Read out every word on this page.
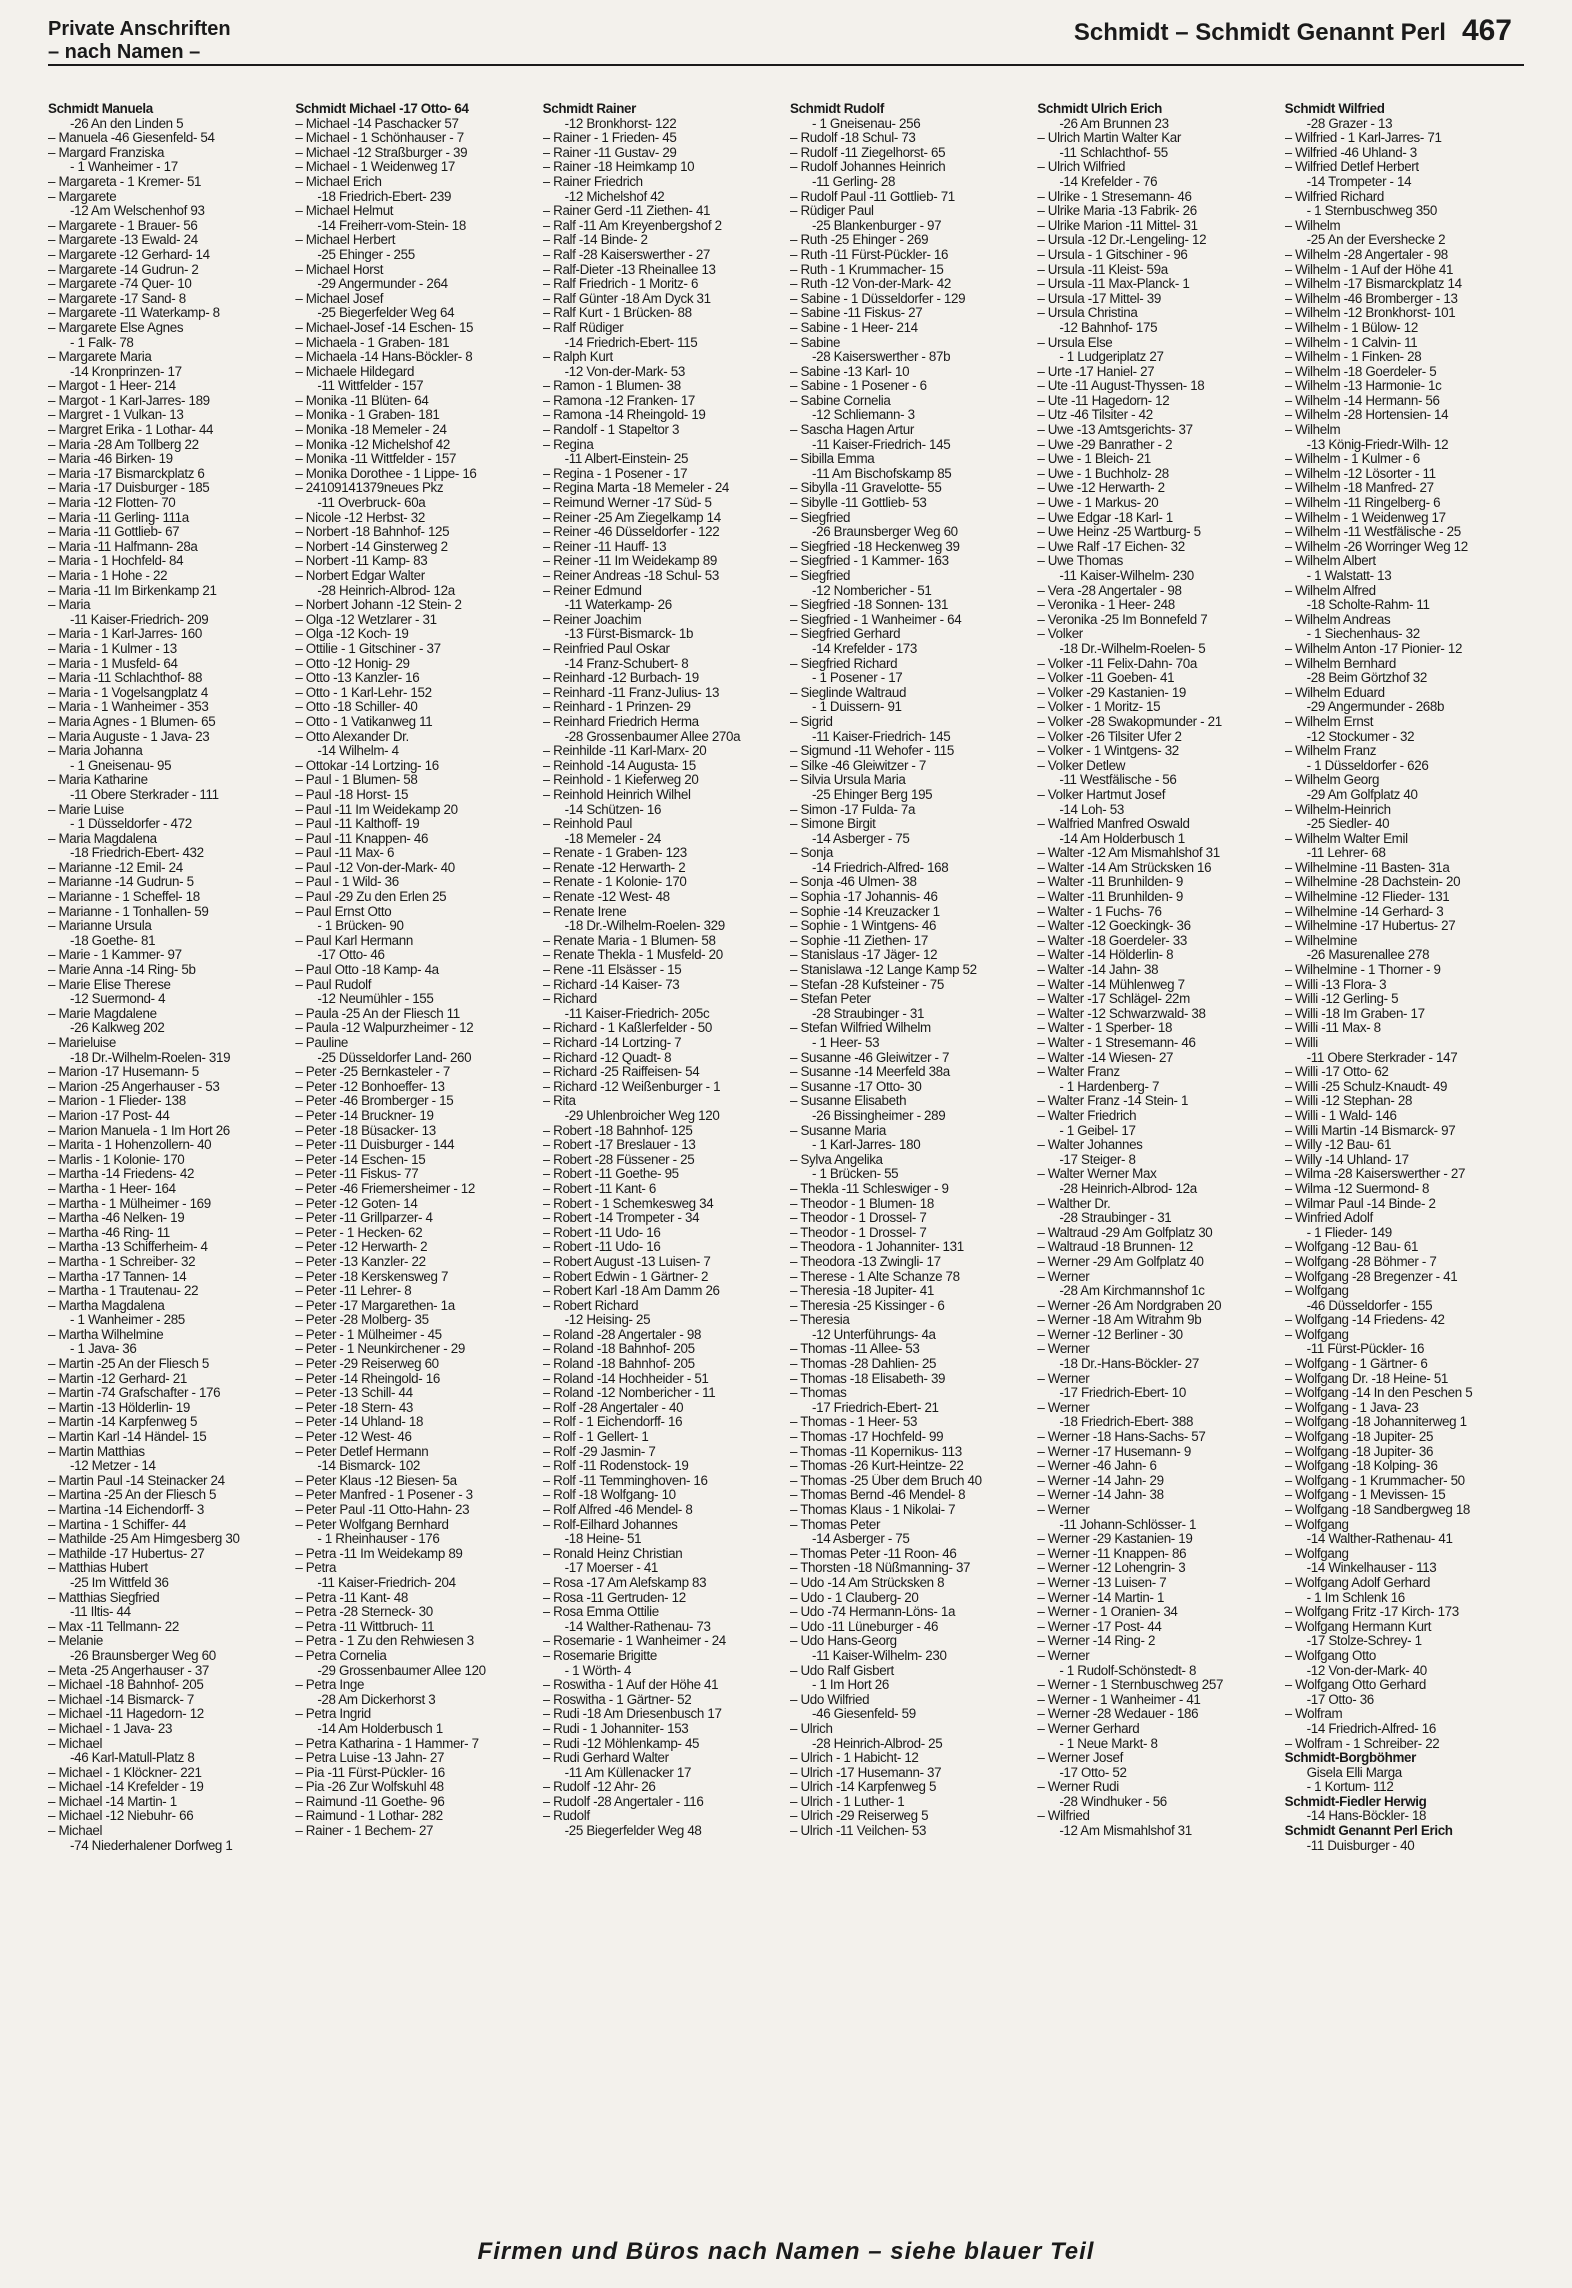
Private Anschriften
– nach Namen –
Schmidt – Schmidt Genannt Perl 467
Schmidt Manuela
-26 An den Linden 5
– Manuela -46 Giesenfeld- 54
– Margard Franziska
- 1 Wanheimer - 17
– Margareta - 1 Kremer- 51
– Margarete
-12 Am Welschenhof 93
– Margarete - 1 Brauer- 56
– Margarete -13 Ewald- 24
– Margarete -12 Gerhard- 14
– Margarete -14 Gudrun- 2
– Margarete -74 Quer- 10
– Margarete -17 Sand- 8
– Margarete -11 Waterkamp- 8
– Margarete Else Agnes
- 1 Falk- 78
– Margarete Maria
-14 Kronprinzen- 17
– Margot - 1 Heer- 214
– Margot - 1 Karl-Jarres- 189
– Margret - 1 Vulkan- 13
– Margret Erika - 1 Lothar- 44
– Maria -28 Am Tollberg 22
– Maria -46 Birken- 19
– Maria -17 Bismarckplatz 6
– Maria -17 Duisburger - 185
– Maria -12 Flotten- 70
– Maria -11 Gerling- 111a
– Maria -11 Gottlieb- 67
– Maria -11 Halfmann- 28a
– Maria - 1 Hochfeld- 84
– Maria - 1 Hohe - 22
– Maria -11 Im Birkenkamp 21
– Maria
-11 Kaiser-Friedrich- 209
– Maria - 1 Karl-Jarres- 160
– Maria - 1 Kulmer - 13
– Maria - 1 Musfeld- 64
– Maria -11 Schlachthof- 88
– Maria - 1 Vogelsangplatz 4
– Maria - 1 Wanheimer - 353
– Maria Agnes - 1 Blumen- 65
– Maria Auguste - 1 Java- 23
– Maria Johanna
- 1 Gneisenau- 95
– Maria Katharine
-11 Obere Sterkrader - 111
– Marie Luise
- 1 Düsseldorfer - 472
– Maria Magdalena
-18 Friedrich-Ebert- 432
– Marianne -12 Emil- 24
– Marianne -14 Gudrun- 5
– Marianne - 1 Scheffel- 18
– Marianne - 1 Tonhallen- 59
– Marianne Ursula
-18 Goethe- 81
– Marie - 1 Kammer- 97
– Marie Anna -14 Ring- 5b
– Marie Elise Therese
-12 Suermond- 4
– Marie Magdalene
-26 Kalkweg 202
– Marieluise
-18 Dr.-Wilhelm-Roelen- 319
– Marion -17 Husemann- 5
– Marion -25 Angerhauser - 53
– Marion - 1 Flieder- 138
– Marion -17 Post- 44
– Marion Manuela - 1 Im Hort 26
– Marita - 1 Hohenzollern- 40
– Marlis - 1 Kolonie- 170
– Martha -14 Friedens- 42
– Martha - 1 Heer- 164
– Martha - 1 Mülheimer - 169
– Martha -46 Nelken- 19
– Martha -46 Ring- 11
– Martha -13 Schifferheim- 4
– Martha - 1 Schreiber- 32
– Martha -17 Tannen- 14
– Martha - 1 Trautenau- 22
– Martha Magdalena
- 1 Wanheimer - 285
– Martha Wilhelmine
- 1 Java- 36
– Martin -25 An der Fliesch 5
– Martin -12 Gerhard- 21
– Martin -74 Grafschafter - 176
– Martin -13 Hölderlin- 19
– Martin -14 Karpfenweg 5
– Martin Karl -14 Händel- 15
– Martin Matthias
-12 Metzer - 14
– Martin Paul -14 Steinacker 24
– Martina -25 An der Fliesch 5
– Martina -14 Eichendorff- 3
– Martina - 1 Schiffer- 44
– Mathilde -25 Am Himgesberg 30
– Mathilde -17 Hubertus- 27
– Matthias Hubert
-25 Im Wittfeld 36
– Matthias Siegfried
-11 Iltis- 44
– Max -11 Tellmann- 22
– Melanie
-26 Braunsberger Weg 60
– Meta -25 Angerhauser - 37
– Michael -18 Bahnhof- 205
– Michael -14 Bismarck- 7
– Michael -11 Hagedorn- 12
– Michael - 1 Java- 23
– Michael
-46 Karl-Matull-Platz 8
– Michael - 1 Klöckner- 221
– Michael -14 Krefelder - 19
– Michael -14 Martin- 1
– Michael -12 Niebuhr- 66
– Michael
-74 Niederhalener Dorfweg 1
Schmidt Michael -17 Otto- 64
– Michael -14 Paschacker 57
– Michael - 1 Schönhauser - 7
– Michael -12 Straßburger - 39
– Michael - 1 Weidenweg 17
– Michael Erich
-18 Friedrich-Ebert- 239
– Michael Helmut
-14 Freiherr-vom-Stein- 18
– Michael Herbert
-25 Ehinger - 255
– Michael Horst
-29 Angermunder - 264
– Michael Josef
-25 Biegerfelder Weg 64
– Michael-Josef -14 Eschen- 15
– Michaela - 1 Graben- 181
– Michaela -14 Hans-Böckler- 8
– Michaele Hildegard
-11 Wittfelder - 157
– Monika -11 Blüten- 64
– Monika - 1 Graben- 181
– Monika -18 Memeler - 24
– Monika -12 Michelshof 42
– Monika -11 Wittfelder - 157
– Monika Dorothee - 1 Lippe- 16
– 24109141379neues Pkz
-11 Overbruck- 60a
– Nicole -12 Herbst- 32
– Norbert -18 Bahnhof- 125
– Norbert -14 Ginsterweg 2
– Norbert -11 Kamp- 83
– Norbert Edgar Walter
-28 Heinrich-Albrod- 12a
– Norbert Johann -12 Stein- 2
– Olga -12 Wetzlarer - 31
– Olga -12 Koch- 19
– Ottilie - 1 Gitschiner - 37
– Otto -12 Honig- 29
– Otto -13 Kanzler- 16
– Otto - 1 Karl-Lehr- 152
– Otto -18 Schiller- 40
– Otto - 1 Vatikanweg 11
– Otto Alexander Dr.
-14 Wilhelm- 4
– Ottokar -14 Lortzing- 16
– Paul - 1 Blumen- 58
– Paul -18 Horst- 15
– Paul -11 Im Weidekamp 20
– Paul -11 Kalthoff- 19
– Paul -11 Knappen- 46
– Paul -11 Max- 6
– Paul -12 Von-der-Mark- 40
– Paul - 1 Wild- 36
– Paul -29 Zu den Erlen 25
– Paul Ernst Otto
- 1 Brücken- 90
– Paul Karl Hermann
-17 Otto- 46
– Paul Otto -18 Kamp- 4a
– Paul Rudolf
-12 Neumühler - 155
– Paula -25 An der Fliesch 11
– Paula -12 Walpurzheimer - 12
– Pauline
-25 Düsseldorfer Land- 260
– Peter -25 Bernkasteler - 7
– Peter -12 Bonhoeffer- 13
– Peter -46 Bromberger - 15
– Peter -14 Bruckner- 19
– Peter -18 Büsacker- 13
– Peter -11 Duisburger - 144
– Peter -14 Eschen- 15
– Peter -11 Fiskus- 77
– Peter -46 Friemersheimer - 12
– Peter -12 Goten- 14
– Peter -11 Grillparzer- 4
– Peter - 1 Hecken- 62
– Peter -12 Herwarth- 2
– Peter -13 Kanzler- 22
– Peter -18 Kerskensweg 7
– Peter -11 Lehrer- 8
– Peter -17 Margarethen- 1a
– Peter -28 Molberg- 35
– Peter - 1 Mülheimer - 45
– Peter - 1 Neunkirchener - 29
– Peter -29 Reiserweg 60
– Peter -14 Rheingold- 16
– Peter -13 Schill- 44
– Peter -18 Stern- 43
– Peter -14 Uhland- 18
– Peter -12 West- 46
– Peter Detlef Hermann
-14 Bismarck- 102
– Peter Klaus -12 Biesen- 5a
– Peter Manfred - 1 Posener - 3
– Peter Paul -11 Otto-Hahn- 23
– Peter Wolfgang Bernhard
- 1 Rheinhauser - 176
– Petra -11 Im Weidekamp 89
– Petra
-11 Kaiser-Friedrich- 204
– Petra -11 Kant- 48
– Petra -28 Sterneck- 30
– Petra -11 Wittbruch- 11
– Petra - 1 Zu den Rehwiesen 3
– Petra Cornelia
-29 Grossenbaumer Allee 120
– Petra Inge
-28 Am Dickerhorst 3
– Petra Ingrid
-14 Am Holderbusch 1
– Petra Katharina - 1 Hammer- 7
– Petra Luise -13 Jahn- 27
– Pia -11 Fürst-Pückler- 16
– Pia -26 Zur Wolfskuhl 48
– Raimund -11 Goethe- 96
– Raimund - 1 Lothar- 282
– Rainer - 1 Bechem- 27
Schmidt Rainer
-12 Bronkhorst- 122
– Rainer - 1 Frieden- 45
– Rainer -11 Gustav- 29
– Rainer -18 Heimkamp 10
– Rainer Friedrich
-12 Michelshof 42
– Rainer Gerd -11 Ziethen- 41
– Ralf -11 Am Kreyenbergshof 2
– Ralf -14 Binde- 2
– Ralf -28 Kaiserswerther - 27
– Ralf-Dieter -13 Rheinallee 13
– Ralf Friedrich - 1 Moritz- 6
– Ralf Günter -18 Am Dyck 31
– Ralf Kurt - 1 Brücken- 88
– Ralf Rüdiger
-14 Friedrich-Ebert- 115
– Ralph Kurt
-12 Von-der-Mark- 53
– Ramon - 1 Blumen- 38
– Ramona -12 Franken- 17
– Ramona -14 Rheingold- 19
– Randolf - 1 Stapeltor 3
– Regina
-11 Albert-Einstein- 25
– Regina - 1 Posener - 17
– Regina Marta -18 Memeler - 24
– Reimund Werner -17 Süd- 5
– Reiner -25 Am Ziegelkamp 14
– Reiner -46 Düsseldorfer - 122
– Reiner -11 Hauff- 13
– Reiner -11 Im Weidekamp 89
– Reiner Andreas -18 Schul- 53
– Reiner Edmund
-11 Waterkamp- 26
– Reiner Joachim
-13 Fürst-Bismarck- 1b
– Reinfried Paul Oskar
-14 Franz-Schubert- 8
– Reinhard -12 Burbach- 19
– Reinhard -11 Franz-Julius- 13
– Reinhard - 1 Prinzen- 29
– Reinhard Friedrich Herma
-28 Grossenbaumer Allee 270a
– Reinhilde -11 Karl-Marx- 20
– Reinhold -14 Augusta- 15
– Reinhold - 1 Kieferweg 20
– Reinhold Heinrich Wilhel
-14 Schützen- 16
– Reinhold Paul
-18 Memeler - 24
– Renate - 1 Graben- 123
– Renate -12 Herwarth- 2
– Renate - 1 Kolonie- 170
– Renate -12 West- 48
– Renate Irene
-18 Dr.-Wilhelm-Roelen- 329
– Renate Maria - 1 Blumen- 58
– Renate Thekla - 1 Musfeld- 20
– Rene -11 Elsässer - 15
– Richard -14 Kaiser- 73
– Richard
-11 Kaiser-Friedrich- 205c
– Richard - 1 Kaßlerfelder - 50
– Richard -14 Lortzing- 7
– Richard -12 Quadt- 8
– Richard -25 Raiffeisen- 54
– Richard -12 Weißenburger - 1
– Rita
-29 Uhlenbroicher Weg 120
– Robert -18 Bahnhof- 125
– Robert -17 Breslauer - 13
– Robert -28 Füssener - 25
– Robert -11 Goethe- 95
– Robert -11 Kant- 6
– Robert - 1 Schemkesweg 34
– Robert -14 Trompeter - 34
– Robert -11 Udo- 16
– Robert -11 Udo- 16
– Robert August -13 Luisen- 7
– Robert Edwin - 1 Gärtner- 2
– Robert Karl -18 Am Damm 26
– Robert Richard
-12 Heising- 25
– Roland -28 Angertaler - 98
– Roland -18 Bahnhof- 205
– Roland -18 Bahnhof- 205
– Roland -14 Hochheider - 51
– Roland -12 Nombericher - 11
– Rolf -28 Angertaler - 40
– Rolf - 1 Eichendorff- 16
– Rolf - 1 Gellert- 1
– Rolf -29 Jasmin- 7
– Rolf -11 Rodenstock- 19
– Rolf -11 Temminghoven- 16
– Rolf -18 Wolfgang- 10
– Rolf Alfred -46 Mendel- 8
– Rolf-Eilhard Johannes
-18 Heine- 51
– Ronald Heinz Christian
-17 Moerser - 41
– Rosa -17 Am Alefskamp 83
– Rosa -11 Gertruden- 12
– Rosa Emma Ottilie
-14 Walther-Rathenau- 73
– Rosemarie - 1 Wanheimer - 24
– Rosemarie Brigitte
- 1 Wörth- 4
– Roswitha - 1 Auf der Höhe 41
– Roswitha - 1 Gärtner- 52
– Rudi -18 Am Driesenbusch 17
– Rudi - 1 Johanniter- 153
– Rudi -12 Möhlenkamp- 45
– Rudi Gerhard Walter
-11 Am Küllenacker 17
– Rudolf -12 Ahr- 26
– Rudolf -28 Angertaler - 116
– Rudolf
-25 Biegerfelder Weg 48
Schmidt Rudolf
- 1 Gneisenau- 256
– Rudolf -18 Schul- 73
– Rudolf -11 Ziegelhorst- 65
– Rudolf Johannes Heinrich
-11 Gerling- 28
– Rudolf Paul -11 Gottlieb- 71
– Rüdiger Paul
-25 Blankenburger - 97
– Ruth -25 Ehinger - 269
– Ruth -11 Fürst-Pückler- 16
– Ruth - 1 Krummacher- 15
– Ruth -12 Von-der-Mark- 42
– Sabine - 1 Düsseldorfer - 129
– Sabine -11 Fiskus- 27
– Sabine - 1 Heer- 214
– Sabine
-28 Kaiserswerther - 87b
– Sabine -13 Karl- 10
– Sabine - 1 Posener - 6
– Sabine Cornelia
-12 Schliemann- 3
– Sascha Hagen Artur
-11 Kaiser-Friedrich- 145
– Sibilla Emma
-11 Am Bischofskamp 85
– Sibylla -11 Gravelotte- 55
– Sibylle -11 Gottlieb- 53
– Siegfried
-26 Braunsberger Weg 60
– Siegfried -18 Heckenweg 39
– Siegfried - 1 Kammer- 163
– Siegfried
-12 Nombericher - 51
– Siegfried -18 Sonnen- 131
– Siegfried - 1 Wanheimer - 64
– Siegfried Gerhard
-14 Krefelder - 173
– Siegfried Richard
- 1 Posener - 17
– Sieglinde Waltraud
- 1 Duissern- 91
– Sigrid
-11 Kaiser-Friedrich- 145
– Sigmund -11 Wehofer - 115
– Silke -46 Gleiwitzer - 7
– Silvia Ursula Maria
-25 Ehinger Berg 195
– Simon -17 Fulda- 7a
– Simone Birgit
-14 Asberger - 75
– Sonja
-14 Friedrich-Alfred- 168
– Sonja -46 Ulmen- 38
– Sophia -17 Johannis- 46
– Sophie -14 Kreuzacker 1
– Sophie - 1 Wintgens- 46
– Sophie -11 Ziethen- 17
– Stanislaus -17 Jäger- 12
– Stanislawa -12 Lange Kamp 52
– Stefan -28 Kufsteiner - 75
– Stefan Peter
-28 Straubinger - 31
– Stefan Wilfried Wilhelm
- 1 Heer- 53
– Susanne -46 Gleiwitzer - 7
– Susanne -14 Meerfeld 38a
– Susanne -17 Otto- 30
– Susanne Elisabeth
-26 Bissingheimer - 289
– Susanne Maria
- 1 Karl-Jarres- 180
– Sylva Angelika
- 1 Brücken- 55
– Thekla -11 Schleswiger - 9
– Theodor - 1 Blumen- 18
– Theodor - 1 Drossel- 7
– Theodor - 1 Drossel- 7
– Theodora - 1 Johanniter- 131
– Theodora -13 Zwingli- 17
– Therese - 1 Alte Schanze 78
– Theresia -18 Jupiter- 41
– Theresia -25 Kissinger - 6
– Theresia
-12 Unterführungs- 4a
– Thomas -11 Allee- 53
– Thomas -28 Dahlien- 25
– Thomas -18 Elisabeth- 39
– Thomas
-17 Friedrich-Ebert- 21
– Thomas - 1 Heer- 53
– Thomas -17 Hochfeld- 99
– Thomas -11 Kopernikus- 113
– Thomas -26 Kurt-Heintze- 22
– Thomas -25 Über dem Bruch 40
– Thomas Bernd -46 Mendel- 8
– Thomas Klaus - 1 Nikolai- 7
– Thomas Peter
-14 Asberger - 75
– Thomas Peter -11 Roon- 46
– Thorsten -18 Nüßmanning- 37
– Udo -14 Am Strücksken 8
– Udo - 1 Clauberg- 20
– Udo -74 Hermann-Löns- 1a
– Udo -11 Lüneburger - 46
– Udo Hans-Georg
-11 Kaiser-Wilhelm- 230
– Udo Ralf Gisbert
- 1 Im Hort 26
– Udo Wilfried
-46 Giesenfeld- 59
– Ulrich
-28 Heinrich-Albrod- 25
– Ulrich - 1 Habicht- 12
– Ulrich -17 Husemann- 37
– Ulrich -14 Karpfenweg 5
– Ulrich - 1 Luther- 1
– Ulrich -29 Reiserweg 5
– Ulrich -11 Veilchen- 53
Schmidt Ulrich Erich
-26 Am Brunnen 23
– Ulrich Martin Walter Kar
-11 Schlachthof- 55
– Ulrich Wilfried
-14 Krefelder - 76
– Ulrike - 1 Stresemann- 46
– Ulrike Maria -13 Fabrik- 26
– Ulrike Marion -11 Mittel- 31
– Ursula -12 Dr.-Lengeling- 12
– Ursula - 1 Gitschiner - 96
– Ursula -11 Kleist- 59a
– Ursula -11 Max-Planck- 1
– Ursula -17 Mittel- 39
– Ursula Christina
-12 Bahnhof- 175
– Ursula Else
- 1 Ludgeriplatz 27
– Urte -17 Haniel- 27
– Ute -11 August-Thyssen- 18
– Ute -11 Hagedorn- 12
– Utz -46 Tilsiter - 42
– Uwe -13 Amtsgerichts- 37
– Uwe -29 Banrather - 2
– Uwe - 1 Bleich- 21
– Uwe - 1 Buchholz- 28
– Uwe -12 Herwarth- 2
– Uwe - 1 Markus- 20
– Uwe Edgar -18 Karl- 1
– Uwe Heinz -25 Wartburg- 5
– Uwe Ralf -17 Eichen- 32
– Uwe Thomas
-11 Kaiser-Wilhelm- 230
– Vera -28 Angertaler - 98
– Veronika - 1 Heer- 248
– Veronika -25 Im Bonnefeld 7
– Volker
-18 Dr.-Wilhelm-Roelen- 5
– Volker -11 Felix-Dahn- 70a
– Volker -11 Goeben- 41
– Volker -29 Kastanien- 19
– Volker - 1 Moritz- 15
– Volker -28 Swakopmunder - 21
– Volker -26 Tilsiter Ufer 2
– Volker - 1 Wintgens- 32
– Volker Detlew
-11 Westfälische - 56
– Volker Hartmut Josef
-14 Loh- 53
– Walfried Manfred Oswald
-14 Am Holderbusch 1
– Walter -12 Am Mismahlshof 31
– Walter -14 Am Strücksken 16
– Walter -11 Brunhilden- 9
– Walter -11 Brunhilden- 9
– Walter - 1 Fuchs- 76
– Walter -12 Goeckingk- 36
– Walter -18 Goerdeler- 33
– Walter -14 Hölderlin- 8
– Walter -14 Jahn- 38
– Walter -14 Mühlenweg 7
– Walter -17 Schlägel- 22m
– Walter -12 Schwarzwald- 38
– Walter - 1 Sperber- 18
– Walter - 1 Stresemann- 46
– Walter -14 Wiesen- 27
– Walter Franz
- 1 Hardenberg- 7
– Walter Franz -14 Stein- 1
– Walter Friedrich
- 1 Geibel- 17
– Walter Johannes
-17 Steiger- 8
– Walter Werner Max
-28 Heinrich-Albrod- 12a
– Walther Dr.
-28 Straubinger - 31
– Waltraud -29 Am Golfplatz 30
– Waltraud -18 Brunnen- 12
– Werner -29 Am Golfplatz 40
– Werner
-28 Am Kirchmannshof 1c
– Werner -26 Am Nordgraben 20
– Werner -18 Am Witrahm 9b
– Werner -12 Berliner - 30
– Werner
-18 Dr.-Hans-Böckler- 27
– Werner
-17 Friedrich-Ebert- 10
– Werner
-18 Friedrich-Ebert- 388
– Werner -18 Hans-Sachs- 57
– Werner -17 Husemann- 9
– Werner -46 Jahn- 6
– Werner -14 Jahn- 29
– Werner -14 Jahn- 38
– Werner
-11 Johann-Schlösser- 1
– Werner -29 Kastanien- 19
– Werner -11 Knappen- 86
– Werner -12 Lohengrin- 3
– Werner -13 Luisen- 7
– Werner -14 Martin- 1
– Werner - 1 Oranien- 34
– Werner -17 Post- 44
– Werner -14 Ring- 2
– Werner
- 1 Rudolf-Schönstedt- 8
– Werner - 1 Sternbuschweg 257
– Werner - 1 Wanheimer - 41
– Werner -28 Wedauer - 186
– Werner Gerhard
- 1 Neue Markt- 8
– Werner Josef
-17 Otto- 52
– Werner Rudi
-28 Windhuker - 56
– Wilfried
-12 Am Mismahlshof 31
Schmidt Wilfried
-28 Grazer - 13
– Wilfried - 1 Karl-Jarres- 71
– Wilfried -46 Uhland- 3
– Wilfried Detlef Herbert
-14 Trompeter - 14
– Wilfried Richard
- 1 Sternbuschweg 350
– Wilhelm
-25 An der Eversheckе 2
– Wilhelm -28 Angertaler - 98
– Wilhelm - 1 Auf der Höhe 41
– Wilhelm -17 Bismarckplatz 14
– Wilhelm -46 Bromberger - 13
– Wilhelm -12 Bronkhorst- 101
– Wilhelm - 1 Bülow- 12
– Wilhelm - 1 Calvin- 11
– Wilhelm - 1 Finken- 28
– Wilhelm -18 Goerdeler- 5
– Wilhelm -13 Harmonie- 1c
– Wilhelm -14 Hermann- 56
– Wilhelm -28 Hortensien- 14
– Wilhelm
-13 König-Friedr-Wilh- 12
– Wilhelm - 1 Kulmer - 6
– Wilhelm -12 Lösorter - 11
– Wilhelm -18 Manfred- 27
– Wilhelm -11 Ringelberg- 6
– Wilhelm - 1 Weidenweg 17
– Wilhelm -11 Westfälische - 25
– Wilhelm -26 Worringer Weg 12
– Wilhelm Albert
- 1 Walstatt- 13
– Wilhelm Alfred
-18 Scholte-Rahm- 11
– Wilhelm Andreas
- 1 Siechenhaus- 32
– Wilhelm Anton -17 Pionier- 12
– Wilhelm Bernhard
-28 Beim Görtzhof 32
– Wilhelm Eduard
-29 Angermunder - 268b
– Wilhelm Ernst
-12 Stockumer - 32
– Wilhelm Franz
- 1 Düsseldorfer - 626
– Wilhelm Georg
-29 Am Golfplatz 40
– Wilhelm-Heinrich
-25 Siedler- 40
– Wilhelm Walter Emil
-11 Lehrer- 68
– Wilhelmine -11 Basten- 31a
– Wilhelmine -28 Dachstein- 20
– Wilhelmine -12 Flieder- 131
– Wilhelmine -14 Gerhard- 3
– Wilhelmine -17 Hubertus- 27
– Wilhelmine
-26 Masurenallee 278
– Wilhelmine - 1 Thorner - 9
– Willi -13 Flora- 3
– Willi -12 Gerling- 5
– Willi -18 Im Graben- 17
– Willi -11 Max- 8
– Willi
-11 Obere Sterkrader - 147
– Willi -17 Otto- 62
– Willi -25 Schulz-Knaudt- 49
– Willi -12 Stephan- 28
– Willi - 1 Wald- 146
– Willi Martin -14 Bismarck- 97
– Willy -12 Bau- 61
– Willy -14 Uhland- 17
– Wilma -28 Kaiserswerther - 27
– Wilma -12 Suermond- 8
– Wilmar Paul -14 Binde- 2
– Winfried Adolf
- 1 Flieder- 149
– Wolfgang -12 Bau- 61
– Wolfgang -28 Böhmer - 7
– Wolfgang -28 Bregenzer - 41
– Wolfgang
-46 Düsseldorfer - 155
– Wolfgang -14 Friedens- 42
– Wolfgang
-11 Fürst-Pückler- 16
– Wolfgang - 1 Gärtner- 6
– Wolfgang Dr. -18 Heine- 51
– Wolfgang -14 In den Peschen 5
– Wolfgang - 1 Java- 23
– Wolfgang -18 Johanniterweg 1
– Wolfgang -18 Jupiter- 25
– Wolfgang -18 Jupiter- 36
– Wolfgang -18 Kolping- 36
– Wolfgang - 1 Krummacher- 50
– Wolfgang - 1 Mevissen- 15
– Wolfgang -18 Sandbergweg 18
– Wolfgang
-14 Walther-Rathenau- 41
– Wolfgang
-14 Winkelhauser - 113
– Wolfgang Adolf Gerhard
- 1 Im Schlenk 16
– Wolfgang Fritz -17 Kirch- 173
– Wolfgang Hermann Kurt
-17 Stolze-Schrey- 1
– Wolfgang Otto
-12 Von-der-Mark- 40
– Wolfgang Otto Gerhard
-17 Otto- 36
– Wolfram
-14 Friedrich-Alfred- 16
– Wolfram - 1 Schreiber- 22
Schmidt-Borgböhmer
Gisela Elli Marga
- 1 Kortum- 112
Schmidt-Fiedler Herwig
-14 Hans-Böckler- 18
Schmidt Genannt Perl Erich
-11 Duisburger - 40
Firmen und Büros nach Namen – siehe blauer Teil
